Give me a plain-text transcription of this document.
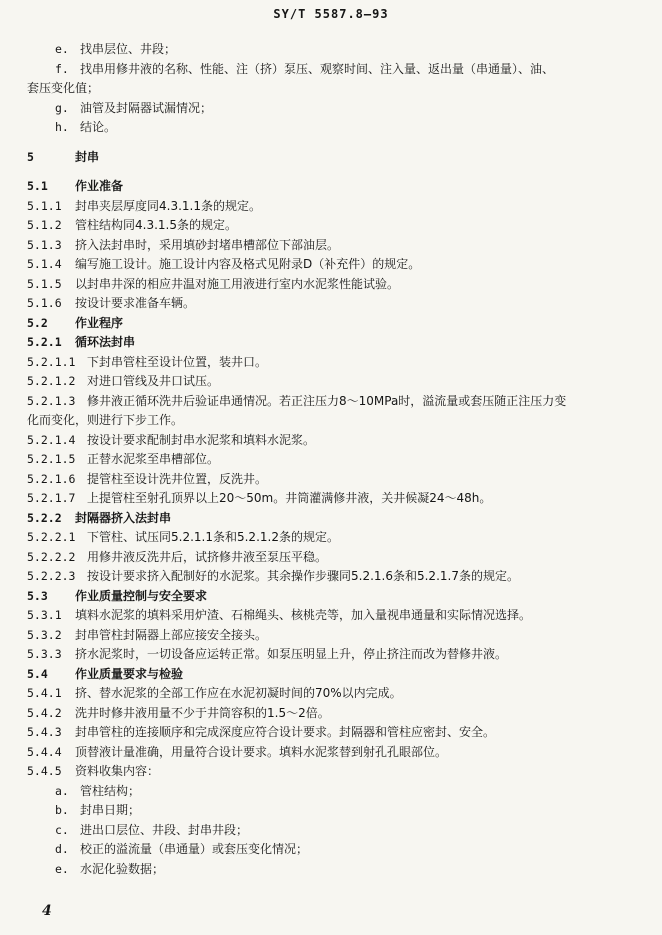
SY/T 5587.8—93
e. 找串层位、井段；
f. 找串用修井液的名称、性能、注（挤）泵压、观察时间、注入量、返出量（串通量）、油、
套压变化值；
g. 油管及封隔器试漏情况；
h. 结论。
5	封串
5.1 作业准备
5.1.1 封串夹层厚度同4.3.1.1条的规定。
5.1.2 管柱结构同4.3.1.5条的规定。
5.1.3 挤入法封串时，采用填砂封堵串槽部位下部油层。
5.1.4 编写施工设计。施工设计内容及格式见附录D（补充件）的规定。
5.1.5 以封串井深的相应井温对施工用液进行室内水泥浆性能试验。
5.1.6 按设计要求准备车辆。
5.2 作业程序
5.2.1 循环法封串
5.2.1.1 下封串管柱至设计位置，装井口。
5.2.1.2 对进口管线及井口试压。
5.2.1.3 修井液正循环洗井后验证串通情况。若正注压力8～10MPa时，溢流量或套压随正注压力变
化而变化，则进行下步工作。
5.2.1.4 按设计要求配制封串水泥浆和填料水泥浆。
5.2.1.5 正替水泥浆至串槽部位。
5.2.1.6 提管柱至设计洗井位置，反洗井。
5.2.1.7 上提管柱至射孔顶界以上20～50m。井筒灌满修井液，关井候凝24～48h。
5.2.2 封隔器挤入法封串
5.2.2.1 下管柱、试压同5.2.1.1条和5.2.1.2条的规定。
5.2.2.2 用修井液反洗井后，试挤修井液至泵压平稳。
5.2.2.3 按设计要求挤入配制好的水泥浆。其余操作步骤同5.2.1.6条和5.2.1.7条的规定。
5.3 作业质量控制与安全要求
5.3.1 填料水泥浆的填料采用炉渣、石棉绳头、核桃壳等，加入量视串通量和实际情况选择。
5.3.2 封串管柱封隔器上部应接安全接头。
5.3.3 挤水泥浆时，一切设备应运转正常。如泵压明显上升，停止挤注而改为替修井液。
5.4 作业质量要求与检验
5.4.1 挤、替水泥浆的全部工作应在水泥初凝时间的70%以内完成。
5.4.2 洗井时修井液用量不少于井筒容积的1.5～2倍。
5.4.3 封串管柱的连接顺序和完成深度应符合设计要求。封隔器和管柱应密封、安全。
5.4.4 顶替液计量准确，用量符合设计要求。填料水泥浆替到射孔孔眼部位。
5.4.5 资料收集内容：
a. 管柱结构；
b. 封串日期；
c. 进出口层位、井段、封串井段；
d. 校正的溢流量（串通量）或套压变化情况；
e. 水泥化验数据；
4
